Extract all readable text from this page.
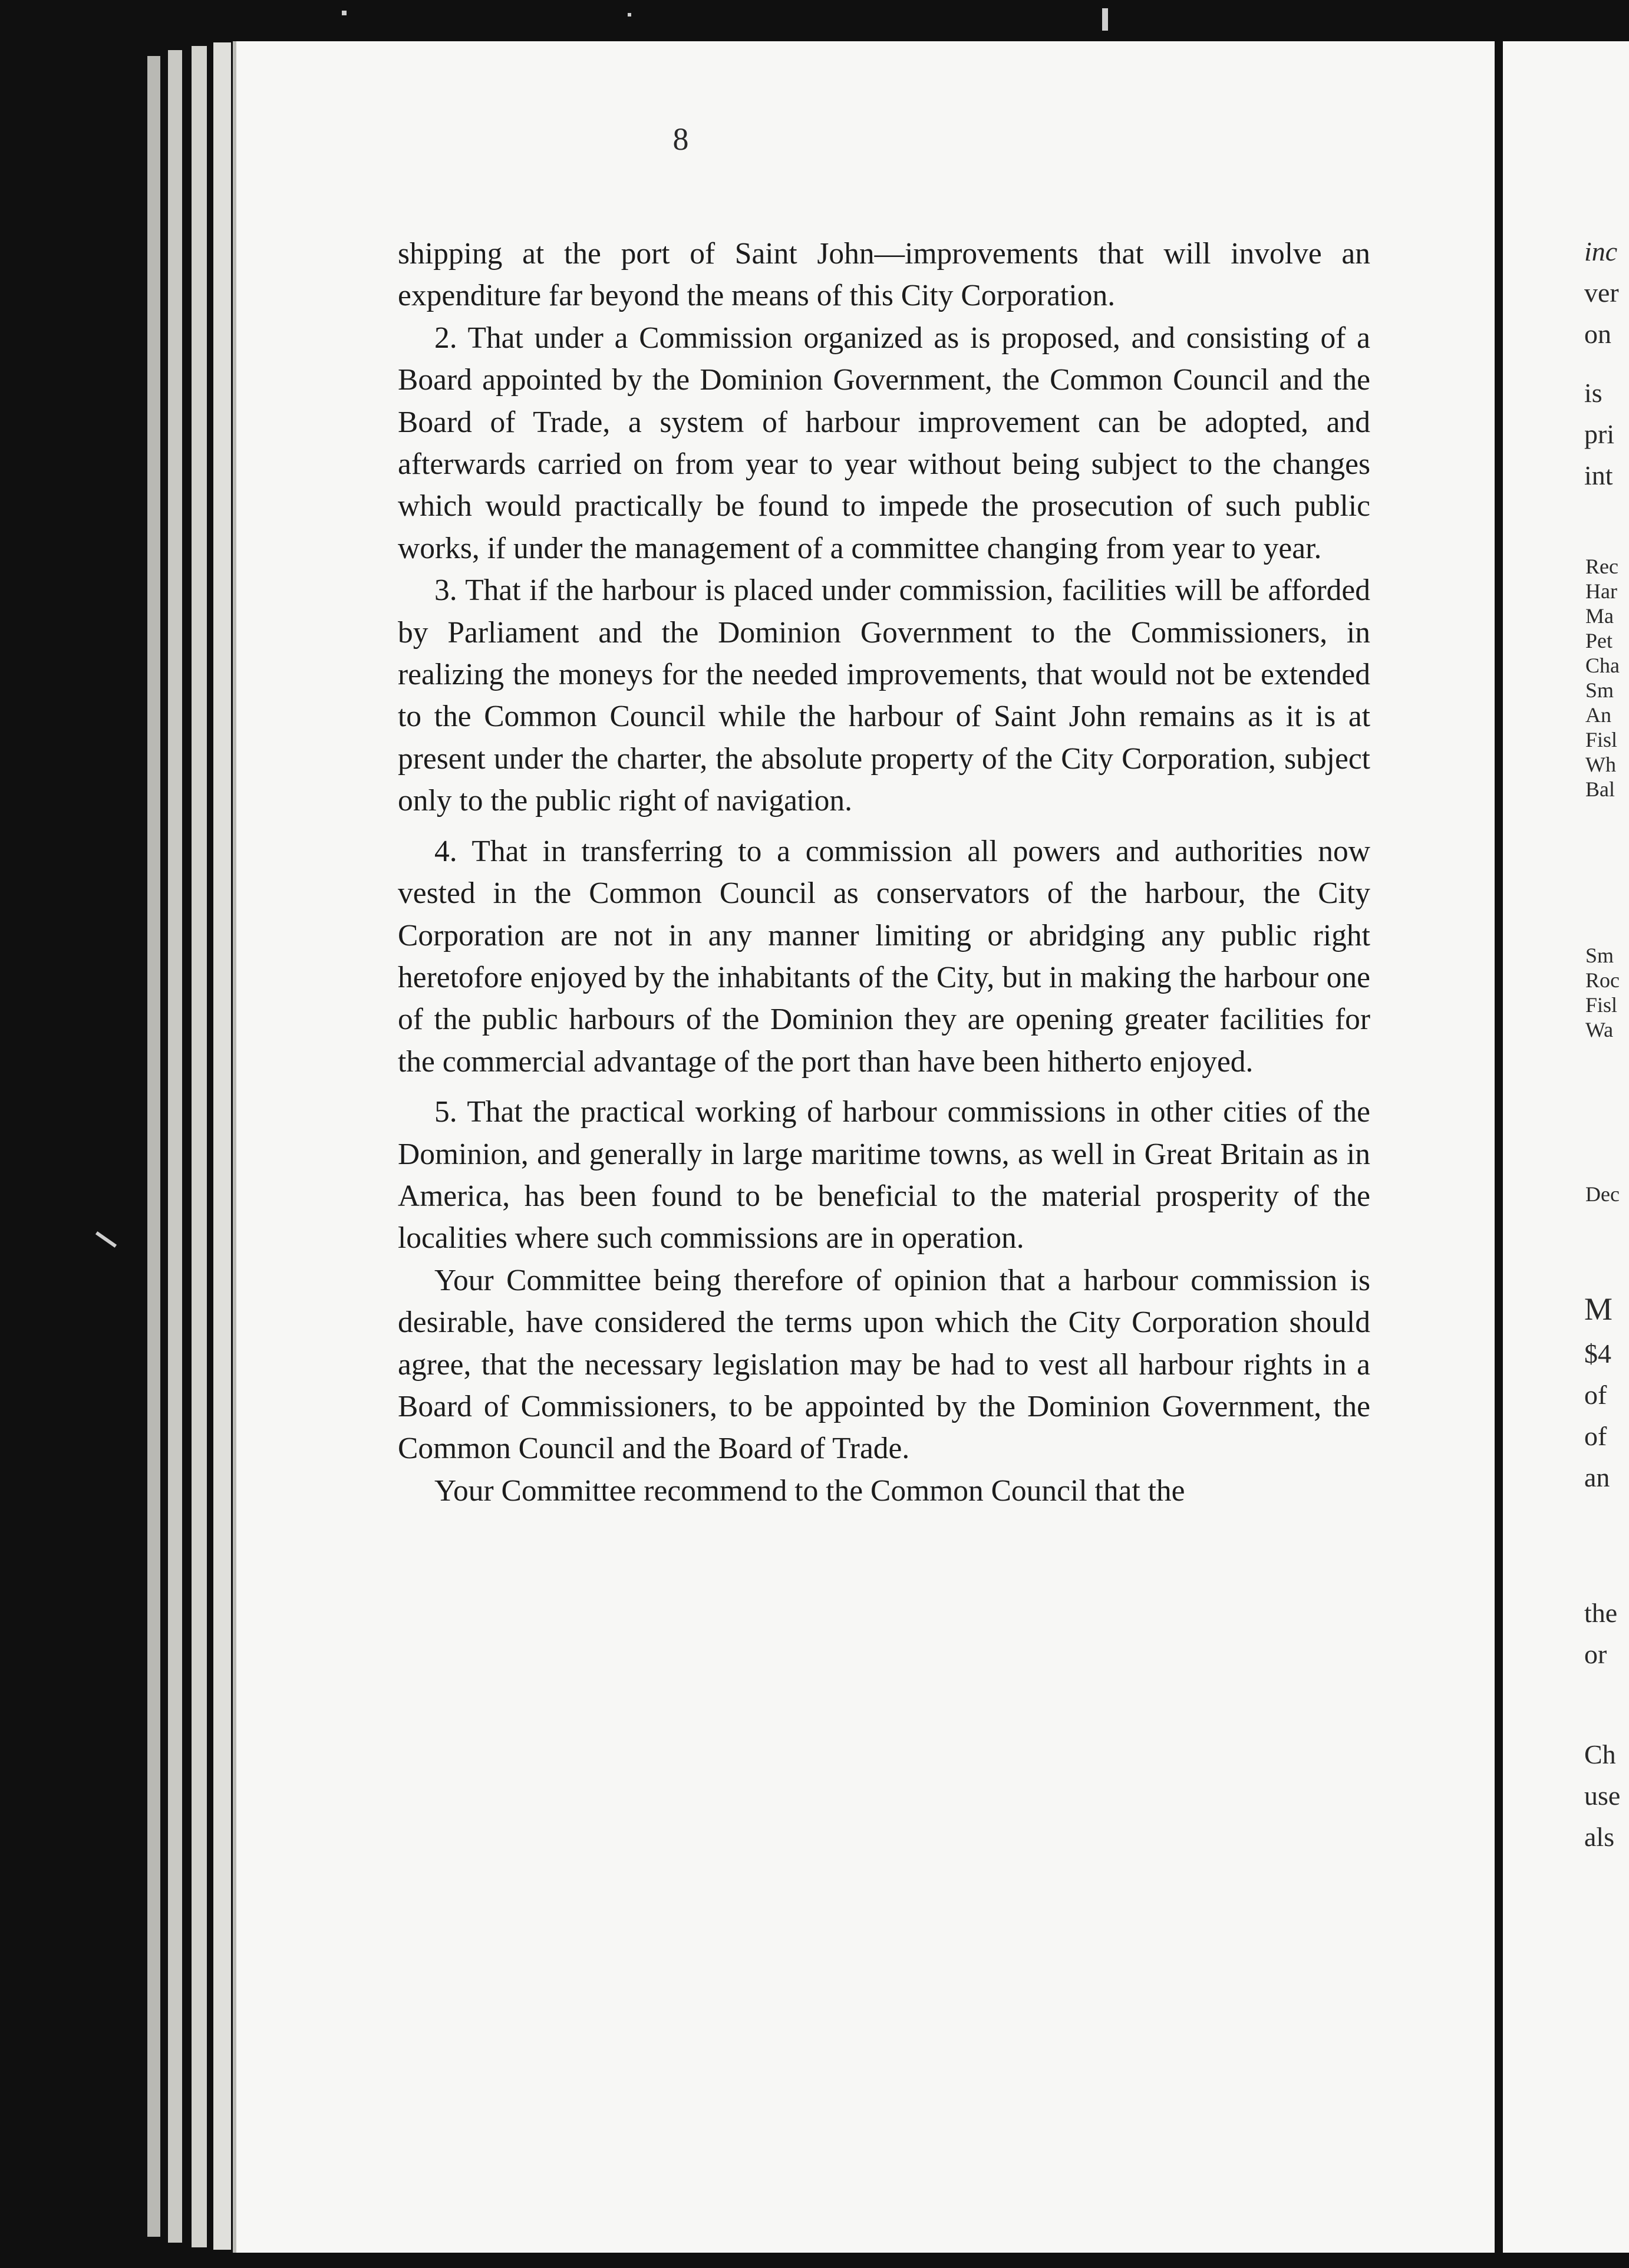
8

shipping at the port of Saint John—improvements that will involve an expenditure far beyond the means of this City Corporation.

2. That under a Commission organized as is proposed, and consisting of a Board appointed by the Dominion Government, the Common Council and the Board of Trade, a system of harbour improvement can be adopted, and afterwards carried on from year to year without being subject to the changes which would practically be found to impede the prosecution of such public works, if under the management of a committee changing from year to year.

3. That if the harbour is placed under commission, facilities will be afforded by Parliament and the Dominion Government to the Commissioners, in realizing the moneys for the needed improvements, that would not be extended to the Common Council while the harbour of Saint John remains as it is at present under the charter, the absolute property of the City Corporation, subject only to the public right of navigation.

4. That in transferring to a commission all powers and authorities now vested in the Common Council as conservators of the harbour, the City Corporation are not in any manner limiting or abridging any public right heretofore enjoyed by the inhabitants of the City, but in making the harbour one of the public harbours of the Dominion they are opening greater facilities for the commercial advantage of the port than have been hitherto enjoyed.

5. That the practical working of harbour commissions in other cities of the Dominion, and generally in large maritime towns, as well in Great Britain as in America, has been found to be beneficial to the material prosperity of the localities where such commissions are in operation.

Your Committee being therefore of opinion that a harbour commission is desirable, have considered the terms upon which the City Corporation should agree, that the necessary legislation may be had to vest all harbour rights in a Board of Commissioners, to be appointed by the Dominion Government, the Common Council and the Board of Trade.

Your Committee recommend to the Common Council that the

inc
ver
on
is
pri
int
Rec
Har
Ma
Pet
Cha
Sm
An
Fisl
Wh
Bal
Sm
Roc
Fisl
Wa
Dec
M
$4
of
of
an
the
or
Ch
use
als
